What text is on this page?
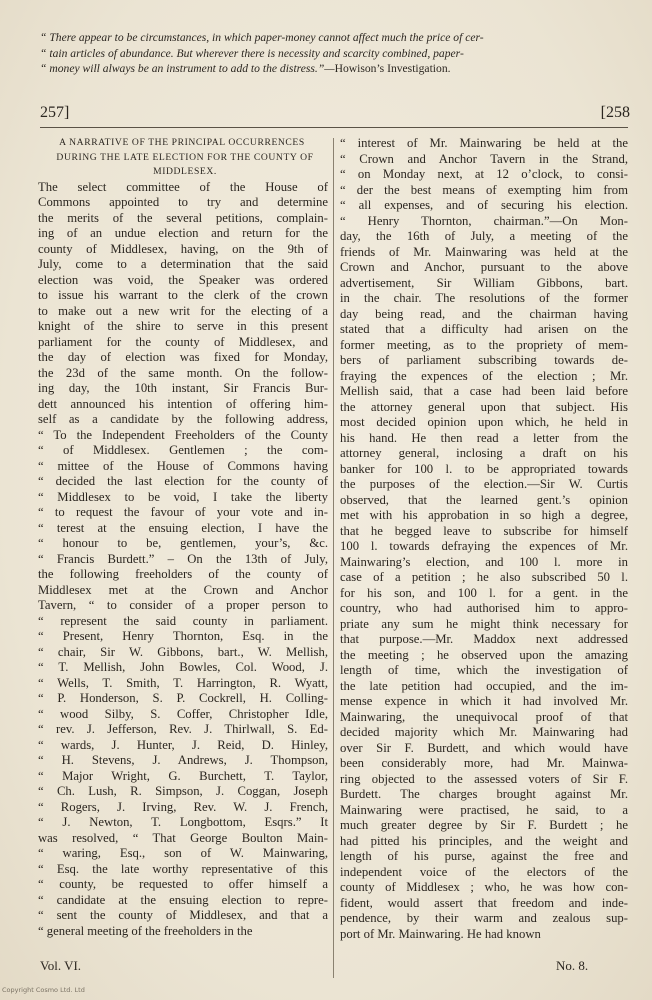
“ There appear to be circumstances, in which paper-money cannot affect much the price of cer-
“ tain articles of abundance. But wherever there is necessity and scarcity combined, paper-
“ money will always be an instrument to add to the distress.”—Howison’s Investigation.
257]	[258

A NARRATIVE OF THE PRINCIPAL OCCURRENCES DURING THE LATE ELECTION FOR THE COUNTY OF MIDDLESEX.

The select committee of the House of
Commons appointed to try and determine
the merits of the several petitions, complain-
ing of an undue election and return for the
county of Middlesex, having, on the 9th of
July, come to a determination that the said
election was void, the Speaker was ordered
to issue his warrant to the clerk of the crown
to make out a new writ for the electing of a
knight of the shire to serve in this present
parliament for the county of Middlesex, and
the day of election was fixed for Monday,
the 23d of the same month. On the follow-
ing day, the 10th instant, Sir Francis Bur-
dett announced his intention of offering him-
self as a candidate by the following address,
“ To the Independent Freeholders of the County
“ of Middlesex. Gentlemen ; the com-
“ mittee of the House of Commons having
“ decided the last election for the county of
“ Middlesex to be void, I take the liberty
“ to request the favour of your vote and in-
“ terest at the ensuing election, I have the
“ honour to be, gentlemen, your’s, &c.
“ Francis Burdett.” – On the 13th of July,
the following freeholders of the county of
Middlesex met at the Crown and Anchor
Tavern, “ to consider of a proper person to
“ represent the said county in parliament.
“ Present, Henry Thornton, Esq. in the
“ chair, Sir W. Gibbons, bart., W. Mellish,
“ T. Mellish, John Bowles, Col. Wood, J.
“ Wells, T. Smith, T. Harrington, R. Wyatt,
“ P. Honderson, S. P. Cockrell, H. Colling-
“ wood Silby, S. Coffer, Christopher Idle,
“ rev. J. Jefferson, Rev. J. Thirlwall, S. Ed-
“ wards, J. Hunter, J. Reid, D. Hinley,
“ H. Stevens, J. Andrews, J. Thompson,
“ Major Wright, G. Burchett, T. Taylor,
“ Ch. Lush, R. Simpson, J. Coggan, Joseph
“ Rogers, J. Irving, Rev. W. J. French,
“ J. Newton, T. Longbottom, Esqrs.” It
was resolved, “ That George Boulton Main-
“ waring, Esq., son of W. Mainwaring,
“ Esq. the late worthy representative of this
“ county, be requested to offer himself a
“ candidate at the ensuing election to repre-
“ sent the county of Middlesex, and that a
“ general meeting of the freeholders in the
“ interest of Mr. Mainwaring be held at the
“ Crown and Anchor Tavern in the Strand,
“ on Monday next, at 12 o’clock, to consi-
“ der the best means of exempting him from
“ all expenses, and of securing his election.
“ Henry Thornton, chairman.”—On Mon-
day, the 16th of July, a meeting of the
friends of Mr. Mainwaring was held at the
Crown and Anchor, pursuant to the above
advertisement, Sir William Gibbons, bart.
in the chair. The resolutions of the former
day being read, and the chairman having
stated that a difficulty had arisen on the
former meeting, as to the propriety of mem-
bers of parliament subscribing towards de-
fraying the expences of the election ; Mr.
Mellish said, that a case had been laid before
the attorney general upon that subject. His
most decided opinion upon which, he held in
his hand. He then read a letter from the
attorney general, inclosing a draft on his
banker for 100 l. to be appropriated towards
the purposes of the election.—Sir W. Curtis
observed, that the learned gent.’s opinion
met with his approbation in so high a degree,
that he begged leave to subscribe for himself
100 l. towards defraying the expences of Mr.
Mainwaring’s election, and 100 l. more in
case of a petition ; he also subscribed 50 l.
for his son, and 100 l. for a gent. in the
country, who had authorised him to appro-
priate any sum he might think necessary for
that purpose.—Mr. Maddox next addressed
the meeting ; he observed upon the amazing
length of time, which the investigation of
the late petition had occupied, and the im-
mense expence in which it had involved Mr.
Mainwaring, the unequivocal proof of that
decided majority which Mr. Mainwaring had
over Sir F. Burdett, and which would have
been considerably more, had Mr. Mainwa-
ring objected to the assessed voters of Sir F.
Burdett. The charges brought against Mr.
Mainwaring were practised, he said, to a
much greater degree by Sir F. Burdett ; he
had pitted his principles, and the weight and
length of his purse, against the free and
independent voice of the electors of the
county of Middlesex ; who, he was how con-
fident, would assert that freedom and inde-
pendence, by their warm and zealous sup-
port of Mr. Mainwaring. He had known
Vol. VI.	No. 8.
Copyright Cosmo Ltd. Ltd
